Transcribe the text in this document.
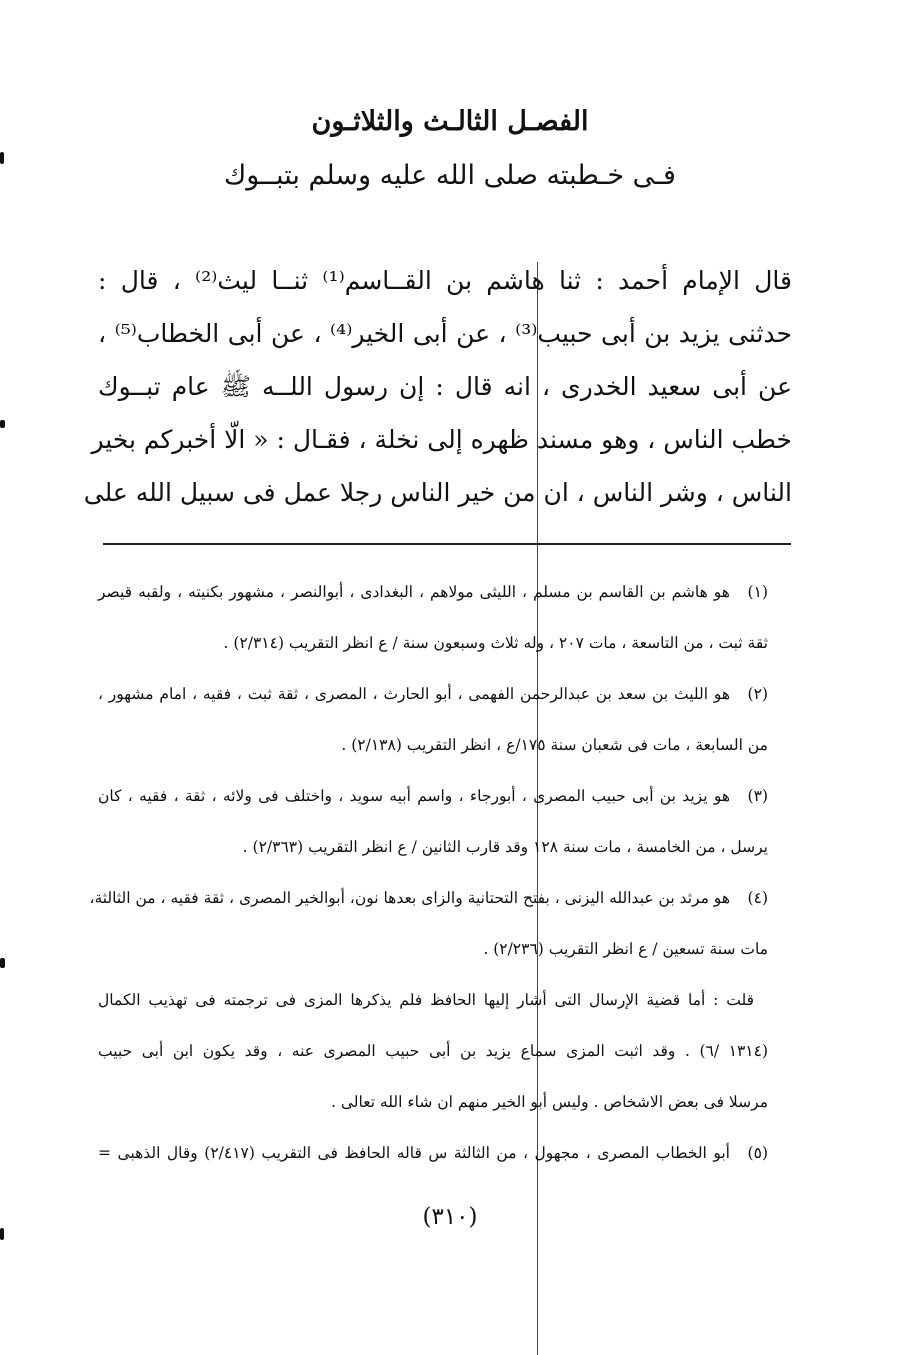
الفصـل الثالـث والثلاثـون
فـى خـطبته صلى الله عليه وسلم بتبــوك
قال الإمام أحمد : ثنا هاشم بن القــاسم⁽¹⁾ ثنــا ليث⁽²⁾ ، قال :
حدثنى يزيد بن أبى حبيب⁽³⁾ ، عن أبى الخير⁽⁴⁾ ، عن أبى الخطاب⁽⁵⁾ ،
عن أبى سعيد الخدرى ، انه قال : إن رسول اللــه ﷺ عام تبــوك
خطب الناس ، وهو مسند ظهره إلى نخلة ، فقـال : « الّا أخبركم بخير
الناس ، وشر الناس ، ان من خير الناس رجلا عمل فى سبيل الله على
(١)
هو هاشم بن القاسم بن مسلم ، الليثى مولاهم ، البغدادى ، أبوالنصر ، مشهور بكنيته ، ولقبه قيصر
ثقة ثبت ، من التاسعة ، مات ٢٠٧ ، وله ثلاث وسبعون سنة / ع انظر التقريب (٢/٣١٤) .
(٢)
هو الليث بن سعد بن عبدالرحمن الفهمى ، أبو الحارث ، المصرى ، ثقة ثبت ، فقيه ، امام مشهور ،
من السابعة ، مات فى شعبان سنة ١٧٥/ع ، انظر التقريب (٢/١٣٨) .
(٣)
هو يزيد بن أبى حبيب المصرى ، أبورجاء ، واسم أبيه سويد ، واختلف فى ولائه ، ثقة ، فقيه ، كان
يرسل ، من الخامسة ، مات سنة ١٢٨ وقد قارب الثانين / ع انظر التقريب (٢/٣٦٣) .
(٤)
هو مرثد بن عبدالله اليزنى ، بفتح التحتانية والزاى بعدها نون، أبوالخير المصرى ، ثقة فقيه ، من الثالثة،
مات سنة تسعين / ع انظر التقريب (٢/٢٣٦) .
قلت : أما قضية الإرسال التى أشار إليها الحافظ فلم يذكرها المزى فى ترجمته فى تهذيب الكمال
(١٣١٤ /٦) . وقد اثبت المزى سماع يزيد بن أبى حبيب المصرى عنه ، وقد يكون ابن أبى حبيب
مرسلا فى بعض الاشخاص . وليس أبو الخير منهم ان شاء الله تعالى .
(٥)
أبو الخطاب المصرى ، مجهول ، من الثالثة س قاله الحافظ فى التقريب (٢/٤١٧) وقال الذهبى =
(٣١٠)
